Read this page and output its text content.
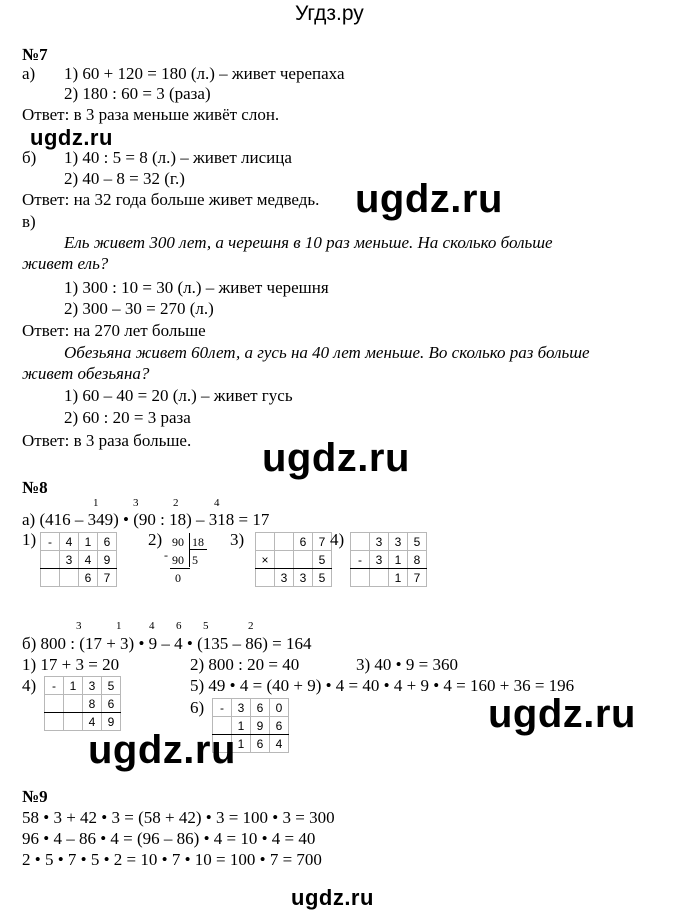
Угдз.ру
№7
а) 1) 60 + 120 = 180 (л.) – живет черепаха
2) 180 : 60 = 3 (раза)
Ответ: в 3 раза меньше живёт слон.
ugdz.ru
б) 1) 40 : 5 = 8 (л.) – живет лисица
2) 40 – 8 = 32 (г.)
Ответ: на 32 года больше живет медведь. ugdz.ru
в)
Ель живет 300 лет, а черешня в 10 раз меньше. На сколько больше
живет ель?
1) 300 : 10 = 30 (л.) – живет черешня
2) 300 – 30 = 270 (л.)
Ответ: на 270 лет больше
Обезьяна живет 60лет, а гусь на 40 лет меньше. Во сколько раз больше
живет обезьяна?
1) 60 – 40 = 20 (л.) – живет гусь
2) 60 : 20 = 3 раза
Ответ: в 3 раза больше. ugdz.ru
№8
1	3	2	4
а) (416 – 349) • (90 : 18) – 318 = 17
1) -	4	1	6
	3	4	9
		6	7
2)
-
90 18
90 5
0
3)
			6	7
×			5
	3	3	5
4)
		3	3	5
-	3	1	8
		1	7
3	1	4 6 5	2
б) 800 : (17 + 3) • 9 – 4 • (135 – 86) = 164
1) 17 + 3 = 20	2) 800 : 20 = 40	3) 40 • 9 = 360
4) -	1	3	5
		8	6
		4	9
5) 49 • 4 = (40 + 9) • 4 = 40 • 4 + 9 • 4 = 160 + 36 = 196
6) -	3	6	0
	1	9	6
	1	6	4
ugdz.ru
ugdz.ru
№9
58 • 3 + 42 • 3 = (58 + 42) • 3 = 100 • 3 = 300
96 • 4 – 86 • 4 = (96 – 86) • 4 = 10 • 4 = 40
2 • 5 • 7 • 5 • 2 = 10 • 7 • 10 = 100 • 7 = 700
ugdz.ru
